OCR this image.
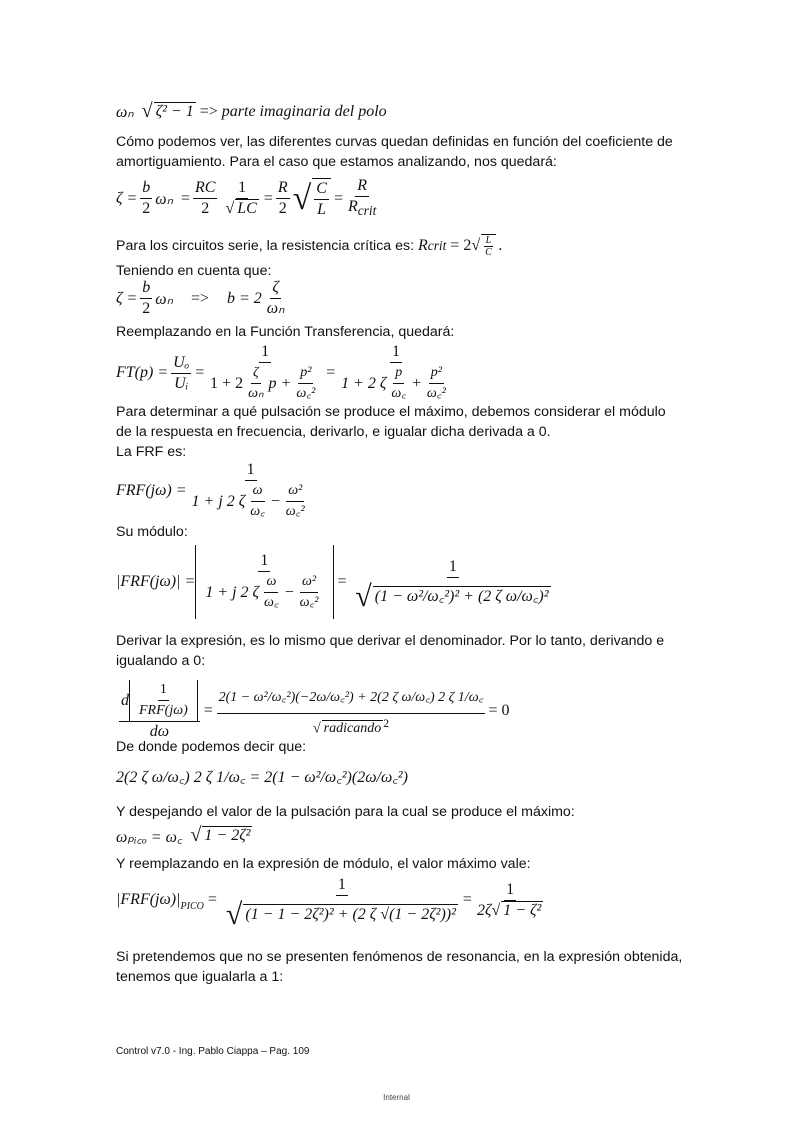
ωₙ √ ζ² − 1 => parte imaginaria del polo
Cómo podemos ver, las diferentes curvas quedan definidas en función del coeficiente de amortiguamiento. Para el caso que estamos analizando, nos quedará:
$\zeta = \frac{b}{2}$ $\omega_n = \frac{RC}{2} \frac{1}{√ LC} = \frac{R}{2}$ √ $\frac{C}{L}$ =
R
$R_{crit}$
Para los circuitos serie, la resistencia crítica es:
R crit
= 2 √ L
C .
Teniendo en cuenta que:
$\zeta = \frac{b}{2}$ ωₙ => b = 2
ζ
ωₙ
Reemplazando en la Función Transferencia, quedará:
$FT(p) = \frac{\text{Uₒ}}{\text{Uᵢ}}$ =
1
1 + 2
ζ
ωₙ
$p + \frac{\text{p²}}{\text{ω꜀²}}$ =
1
1 + 2 ζ
p
ω꜀
+ $\frac{\text{p²}}{\text{ω꜀²}}$
Para determinar a qué pulsación se produce el máximo, debemos considerar el módulo de la respuesta en frecuencia, derivarlo, e igualar dicha derivada a 0.
La FRF es:
FRF(jω) =
1
1 + j 2 ζ
ω
ω꜀
− $\frac{\text{ω²}}{\text{ω꜀²}}$
Su módulo:
|FRF(jω)| =
1
1 + j 2 ζ
ω
ω꜀
− $\frac{\text{ω²}}{\text{ω꜀²}} = \frac{1}{\text{√ (1 − ω²/ω꜀²)² + (2 ζ ω/ω꜀)²}}$
Derivar la expresión, es lo mismo que derivar el denominador. Por lo tanto, derivando e igualando a 0:
d
1
FRF(jω)
dω
=
2(1 − ω²/ω꜀²)(−2ω/ω꜀²) + 2(2 ζ ω/ω꜀) 2 ζ 1/ω꜀
√ radicando $^2$
= 0
De donde podemos decir que:
2(2 ζ ω/ω꜀) 2 ζ 1/ω꜀ = 2(1 − ω²/ω꜀²)(2ω/ω꜀²)
Y despejando el valor de la pulsación para la cual se produce el máximo:
ωₚᵢ꜀ₒ = ω꜀ √ 1 − 2ζ²
Y reemplazando en la expresión de módulo, el valor máximo vale:
$|FRF(j\omega)|_{PICO} = \frac{1}{\text{√ (1 − 1 − 2ζ²)² + (2 ζ √(1 − 2ζ²))²}} = \frac{1}{\text{2ζ√ 1 − ζ²}}$
Si pretendemos que no se presenten fenómenos de resonancia, en la expresión obtenida, tenemos que igualarla a 1:
Control v7.0 - Ing. Pablo Ciappa – Pag. 109
Internal
